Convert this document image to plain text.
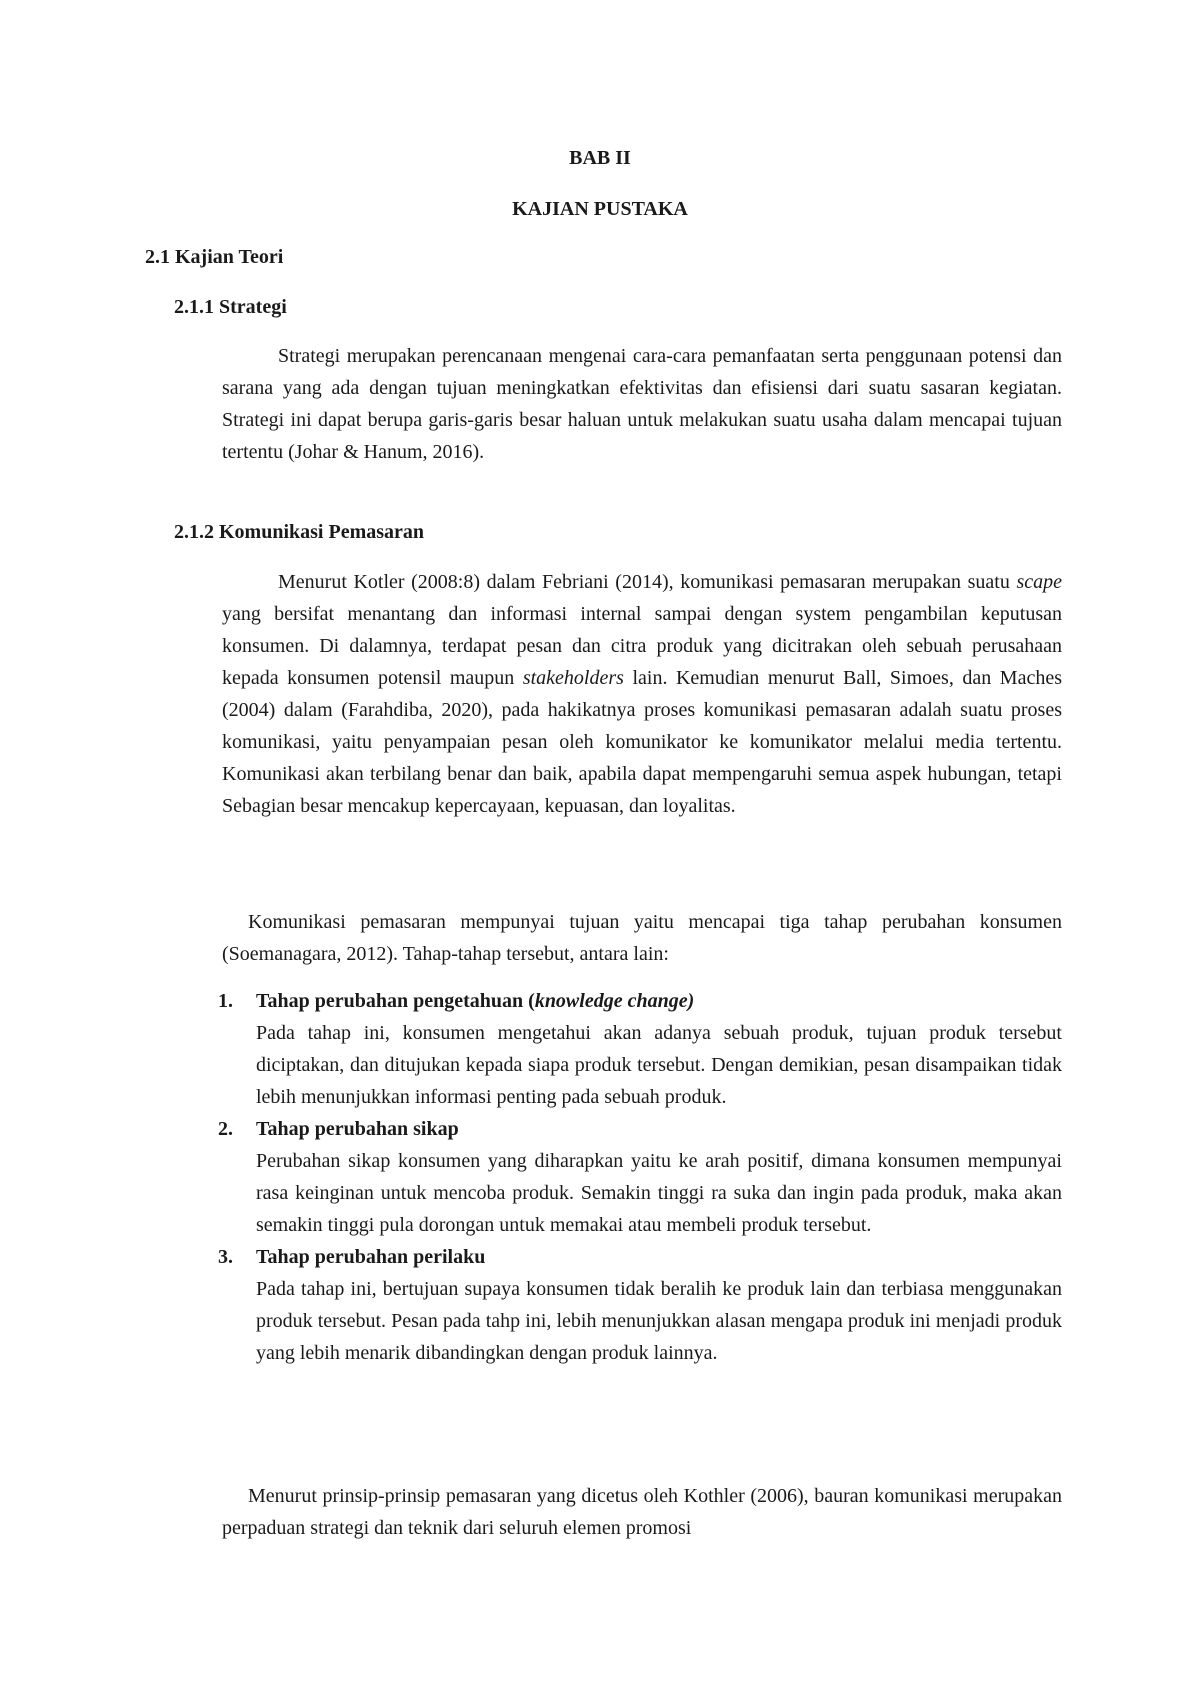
BAB II
KAJIAN PUSTAKA
2.1 Kajian Teori
2.1.1 Strategi

Strategi merupakan perencanaan mengenai cara-cara pemanfaatan serta penggunaan potensi dan sarana yang ada dengan tujuan meningkatkan efektivitas dan efisiensi dari suatu sasaran kegiatan. Strategi ini dapat berupa garis-garis besar haluan untuk melakukan suatu usaha dalam mencapai tujuan tertentu (Johar & Hanum, 2016).

2.1.2 Komunikasi Pemasaran

Menurut Kotler (2008:8) dalam Febriani (2014), komunikasi pemasaran merupakan suatu scape yang bersifat menantang dan informasi internal sampai dengan system pengambilan keputusan konsumen. Di dalamnya, terdapat pesan dan citra produk yang dicitrakan oleh sebuah perusahaan kepada konsumen potensil maupun stakeholders lain. Kemudian menurut Ball, Simoes, dan Maches (2004) dalam (Farahdiba, 2020), pada hakikatnya proses komunikasi pemasaran adalah suatu proses komunikasi, yaitu penyampaian pesan oleh komunikator ke komunikator melalui media tertentu. Komunikasi akan terbilang benar dan baik, apabila dapat mempengaruhi semua aspek hubungan, tetapi Sebagian besar mencakup kepercayaan, kepuasan, dan loyalitas.

Komunikasi pemasaran mempunyai tujuan yaitu mencapai tiga tahap perubahan konsumen (Soemanagara, 2012). Tahap-tahap tersebut, antara lain:

1. Tahap perubahan pengetahuan (knowledge change)
Pada tahap ini, konsumen mengetahui akan adanya sebuah produk, tujuan produk tersebut diciptakan, dan ditujukan kepada siapa produk tersebut. Dengan demikian, pesan disampaikan tidak lebih menunjukkan informasi penting pada sebuah produk.
2. Tahap perubahan sikap
Perubahan sikap konsumen yang diharapkan yaitu ke arah positif, dimana konsumen mempunyai rasa keinginan untuk mencoba produk. Semakin tinggi ra suka dan ingin pada produk, maka akan semakin tinggi pula dorongan untuk memakai atau membeli produk tersebut.
3. Tahap perubahan perilaku
Pada tahap ini, bertujuan supaya konsumen tidak beralih ke produk lain dan terbiasa menggunakan produk tersebut. Pesan pada tahp ini, lebih menunjukkan alasan mengapa produk ini menjadi produk yang lebih menarik dibandingkan dengan produk lainnya.

Menurut prinsip-prinsip pemasaran yang dicetus oleh Kothler (2006), bauran komunikasi merupakan perpaduan strategi dan teknik dari seluruh elemen promosi
